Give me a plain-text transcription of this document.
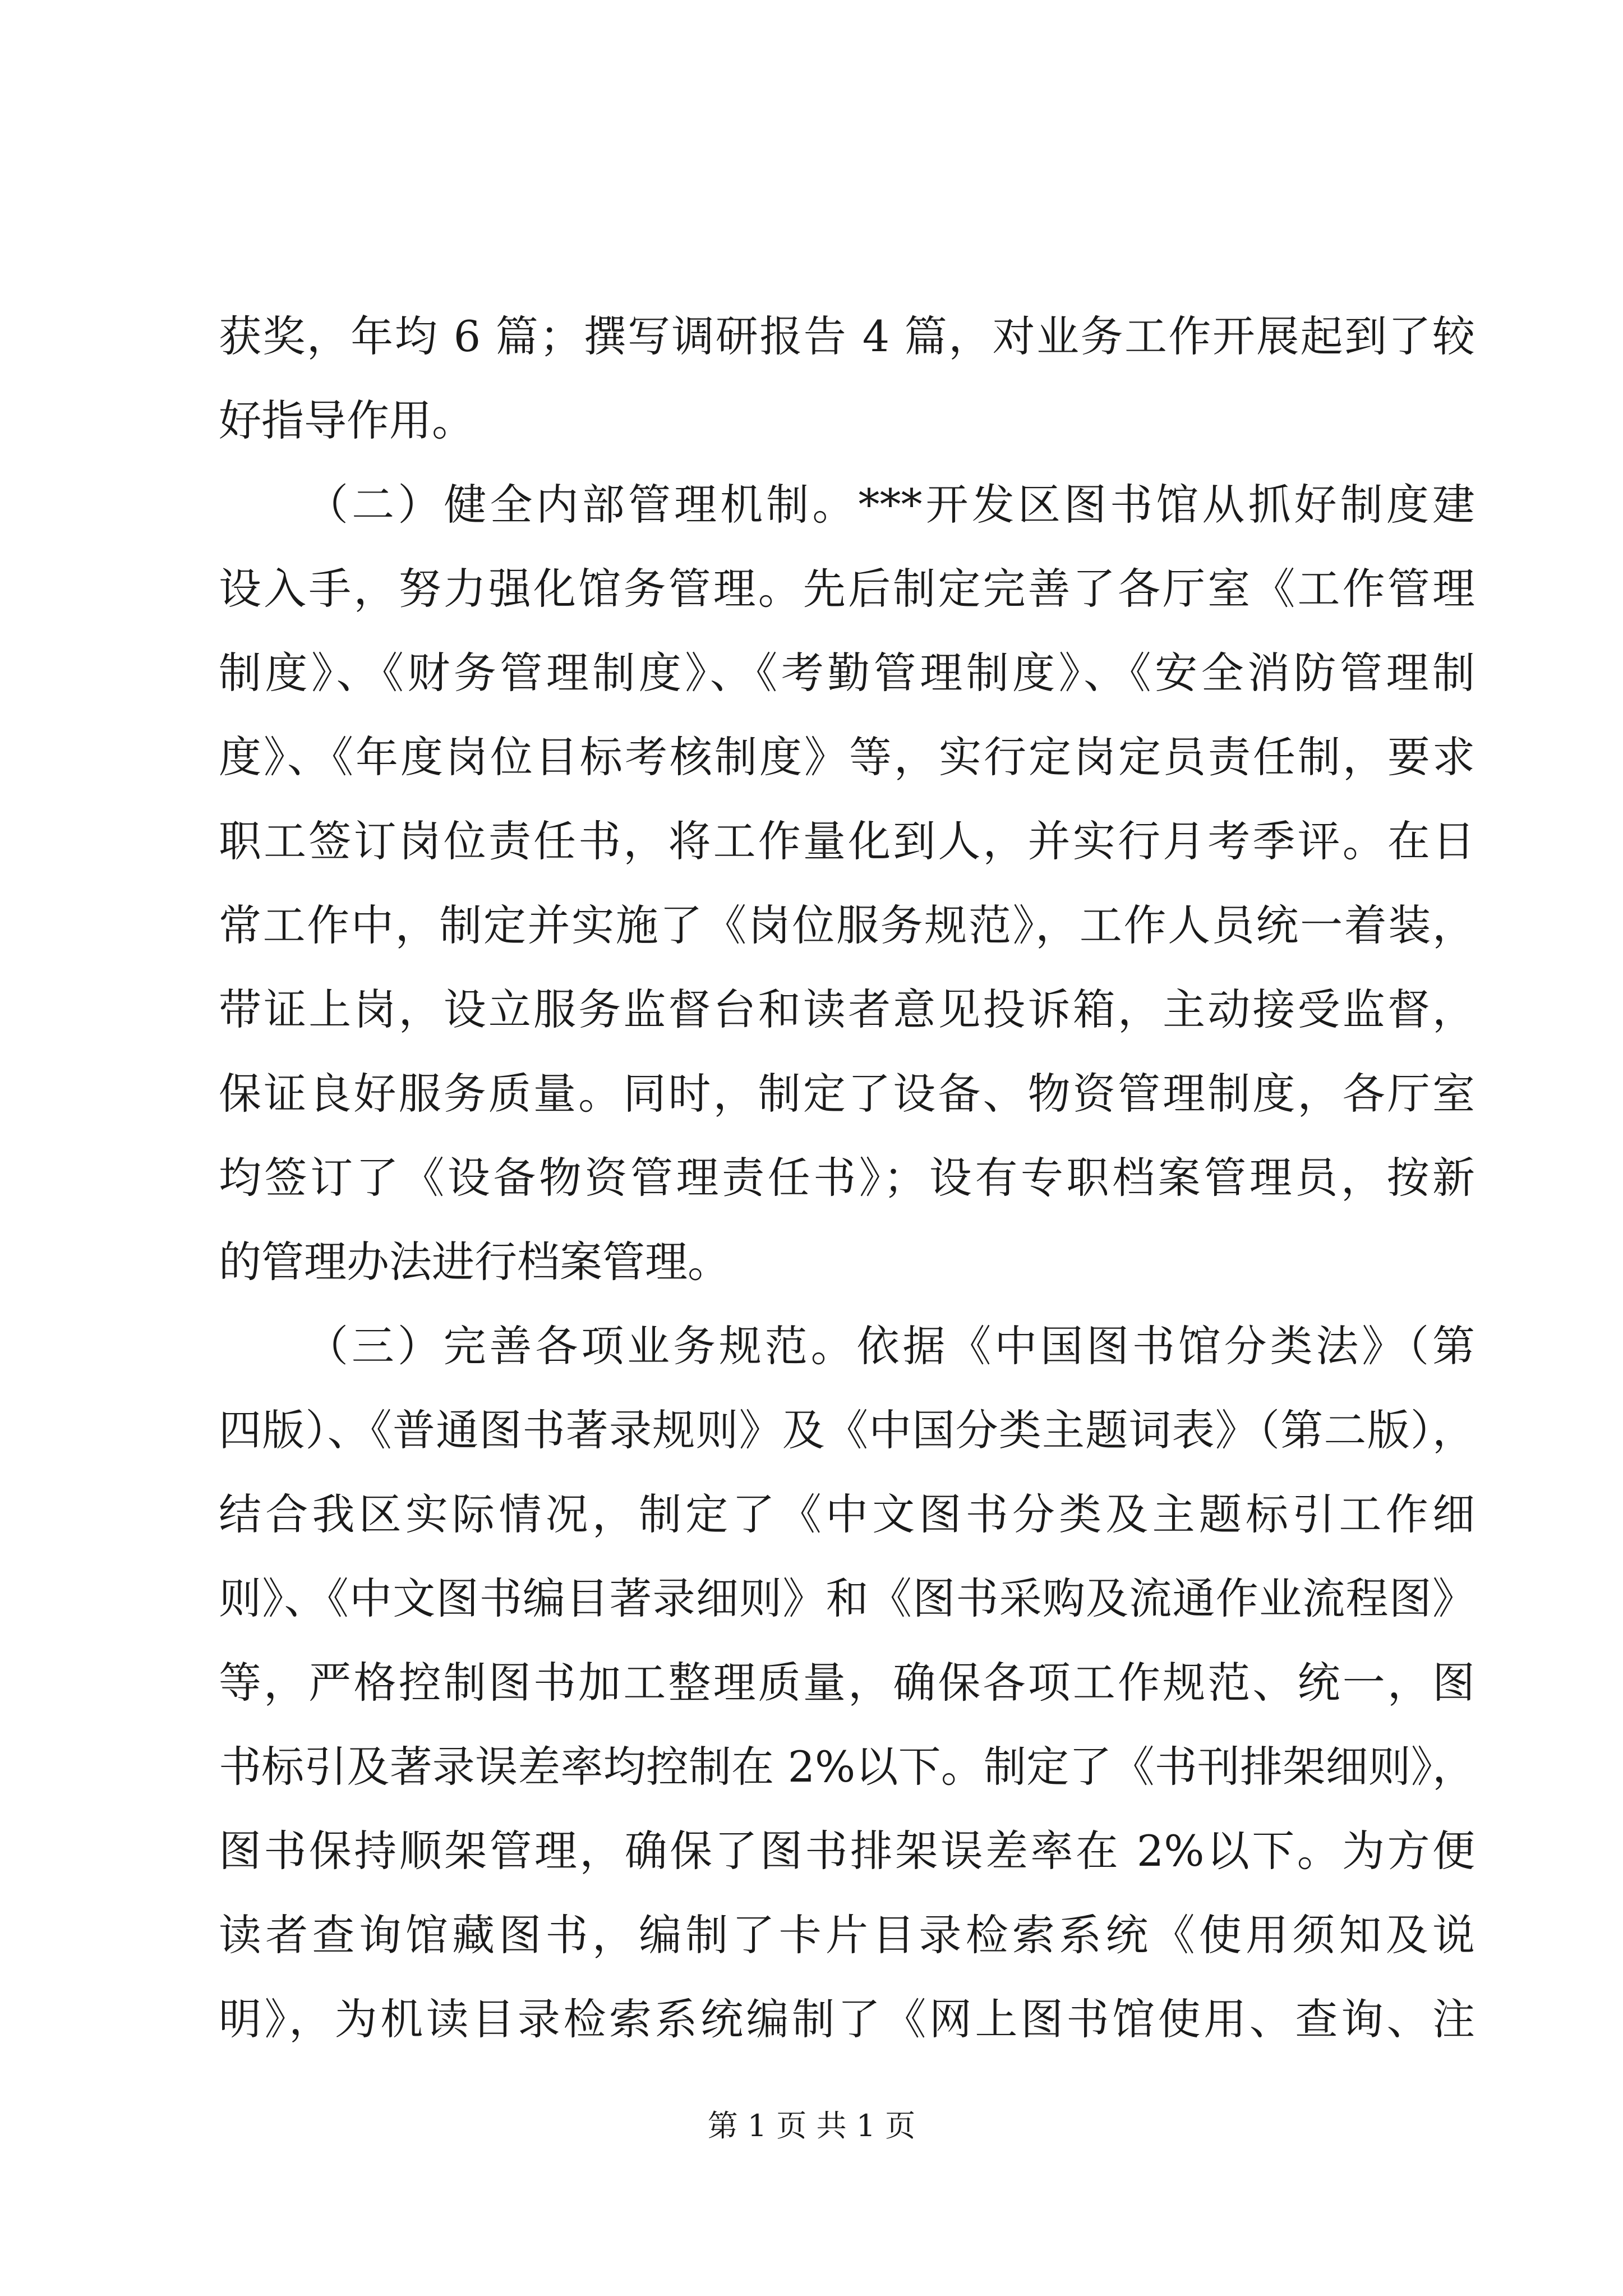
获奖，年均 6 篇；撰写调研报告 4 篇，对业务工作开展起到了较
好指导作用。
（二）健全内部管理机制。***开发区图书馆从抓好制度建
设入手，努力强化馆务管理。先后制定完善了各厅室《工作管理
制度》、《财务管理制度》、《考勤管理制度》、《安全消防管理制
度》、《年度岗位目标考核制度》等，实行定岗定员责任制，要求
职工签订岗位责任书，将工作量化到人，并实行月考季评。在日
常工作中，制定并实施了《岗位服务规范》，工作人员统一着装，
带证上岗，设立服务监督台和读者意见投诉箱，主动接受监督，
保证良好服务质量。同时，制定了设备、物资管理制度，各厅室
均签订了《设备物资管理责任书》；设有专职档案管理员，按新
的管理办法进行档案管理。
（三）完善各项业务规范。依据《中国图书馆分类法》（第
四版）、《普通图书著录规则》及《中国分类主题词表》（第二版），
结合我区实际情况，制定了《中文图书分类及主题标引工作细
则》、《中文图书编目著录细则》和《图书采购及流通作业流程图》
等，严格控制图书加工整理质量，确保各项工作规范、统一，图
书标引及著录误差率均控制在 2%以下。制定了《书刊排架细则》，
图书保持顺架管理，确保了图书排架误差率在 2%以下。为方便
读者查询馆藏图书，编制了卡片目录检索系统《使用须知及说
明》，为机读目录检索系统编制了《网上图书馆使用、查询、注
第 1 页 共 1 页
